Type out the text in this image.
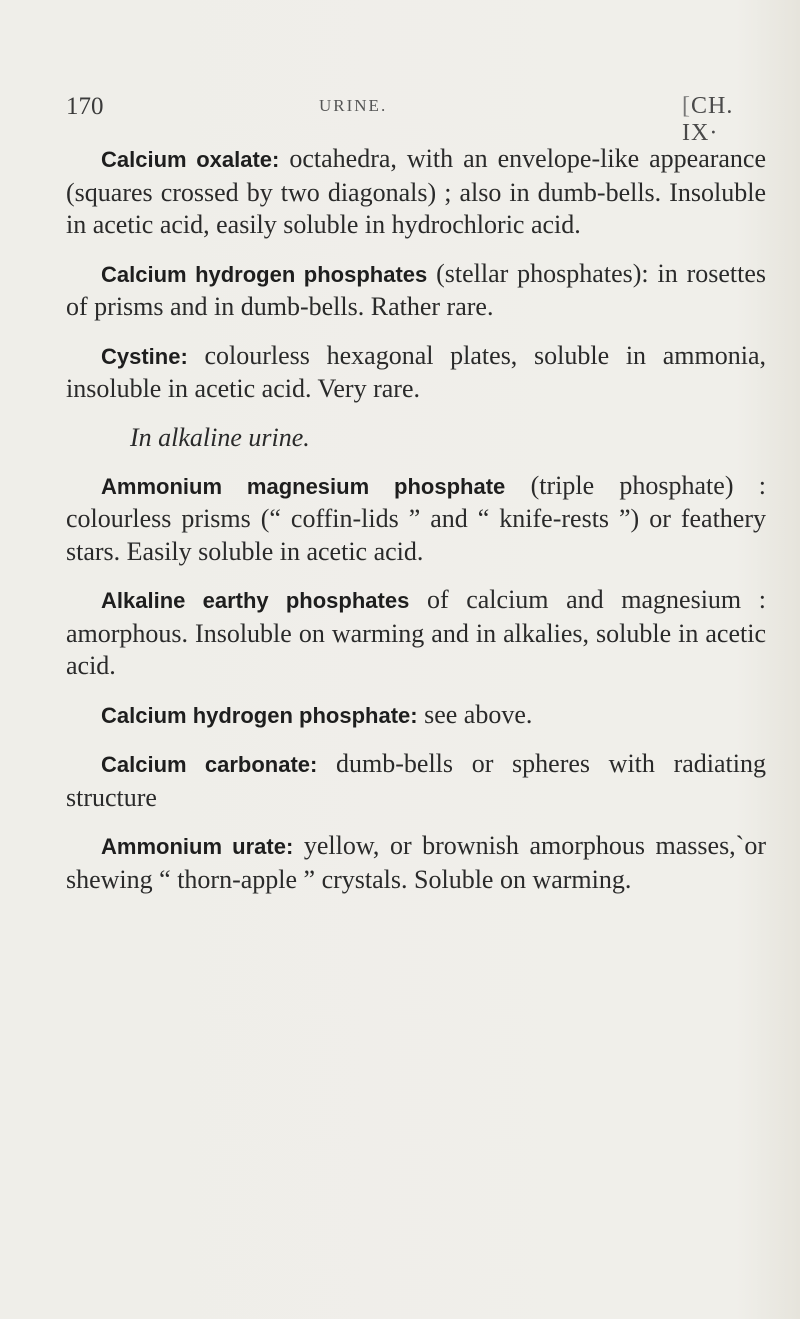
170	URINE.	[CH. IX·

Calcium oxalate: octahedra, with an envelope-like appearance (squares crossed by two diagonals) ; also in dumb-bells. Insoluble in acetic acid, easily soluble in hydrochloric acid.

Calcium hydrogen phosphates (stellar phosphates): in rosettes of prisms and in dumb-bells. Rather rare.

Cystine: colourless hexagonal plates, soluble in ammonia, insoluble in acetic acid. Very rare.

In alkaline urine.

Ammonium magnesium phosphate (triple phosphate) : colourless prisms (“ coffin-lids ” and “ knife-rests ”) or feathery stars. Easily soluble in acetic acid.

Alkaline earthy phosphates of calcium and magnesium : amorphous. Insoluble on warming and in alkalies, soluble in acetic acid.

Calcium hydrogen phosphate: see above.

Calcium carbonate: dumb-bells or spheres with radiating structure

Ammonium urate: yellow, or brownish amorphous masses,`or shewing “ thorn-apple ” crystals. Soluble on warming.
